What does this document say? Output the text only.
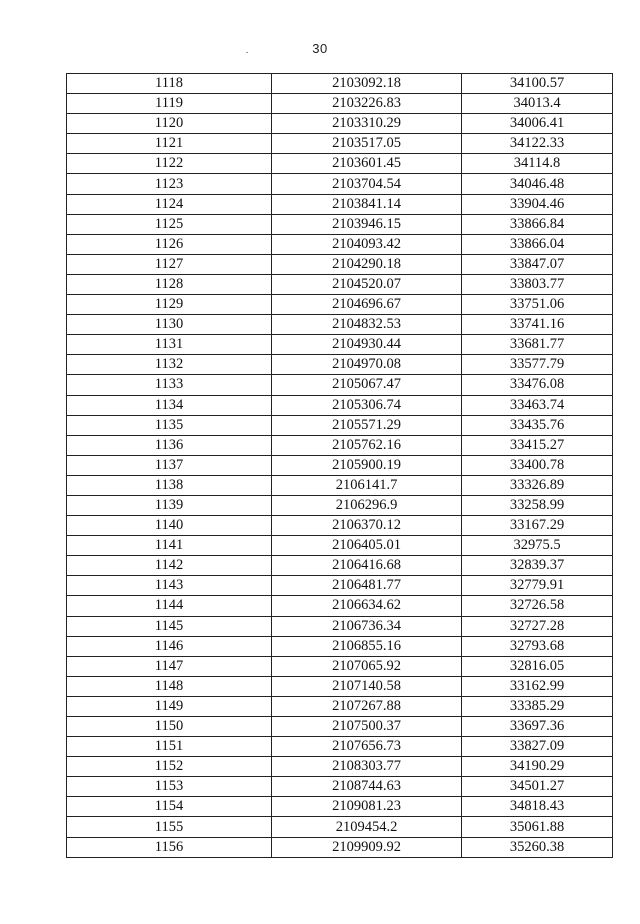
30
1118	2103092.18	34100.57
1119	2103226.83	34013.4
1120	2103310.29	34006.41
1121	2103517.05	34122.33
1122	2103601.45	34114.8
1123	2103704.54	34046.48
1124	2103841.14	33904.46
1125	2103946.15	33866.84
1126	2104093.42	33866.04
1127	2104290.18	33847.07
1128	2104520.07	33803.77
1129	2104696.67	33751.06
1130	2104832.53	33741.16
1131	2104930.44	33681.77
1132	2104970.08	33577.79
1133	2105067.47	33476.08
1134	2105306.74	33463.74
1135	2105571.29	33435.76
1136	2105762.16	33415.27
1137	2105900.19	33400.78
1138	2106141.7	33326.89
1139	2106296.9	33258.99
1140	2106370.12	33167.29
1141	2106405.01	32975.5
1142	2106416.68	32839.37
1143	2106481.77	32779.91
1144	2106634.62	32726.58
1145	2106736.34	32727.28
1146	2106855.16	32793.68
1147	2107065.92	32816.05
1148	2107140.58	33162.99
1149	2107267.88	33385.29
1150	2107500.37	33697.36
1151	2107656.73	33827.09
1152	2108303.77	34190.29
1153	2108744.63	34501.27
1154	2109081.23	34818.43
1155	2109454.2	35061.88
1156	2109909.92	35260.38
